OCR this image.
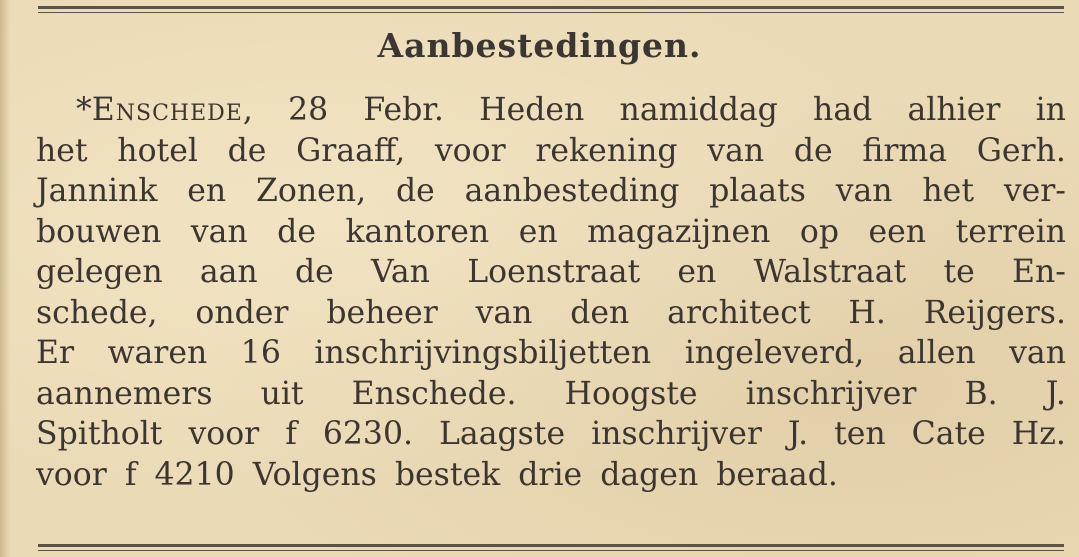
Aanbestedingen.
*Enschede, 28 Febr. Heden namiddag had alhier in
het hotel de Graaff, voor rekening van de firma Gerh.
Jannink en Zonen, de aanbesteding plaats van het ver-
bouwen van de kantoren en magazijnen op een terrein
gelegen aan de Van Loenstraat en Walstraat te En-
schede, onder beheer van den architect H. Reijgers.
Er waren 16 inschrijvingsbiljetten ingeleverd, allen van
aannemers uit Enschede. Hoogste inschrijver B. J.
Spitholt voor f 6230. Laagste inschrijver J. ten Cate Hz.
voor
f
4210
Volgens
bestek
drie
dagen
beraad.
